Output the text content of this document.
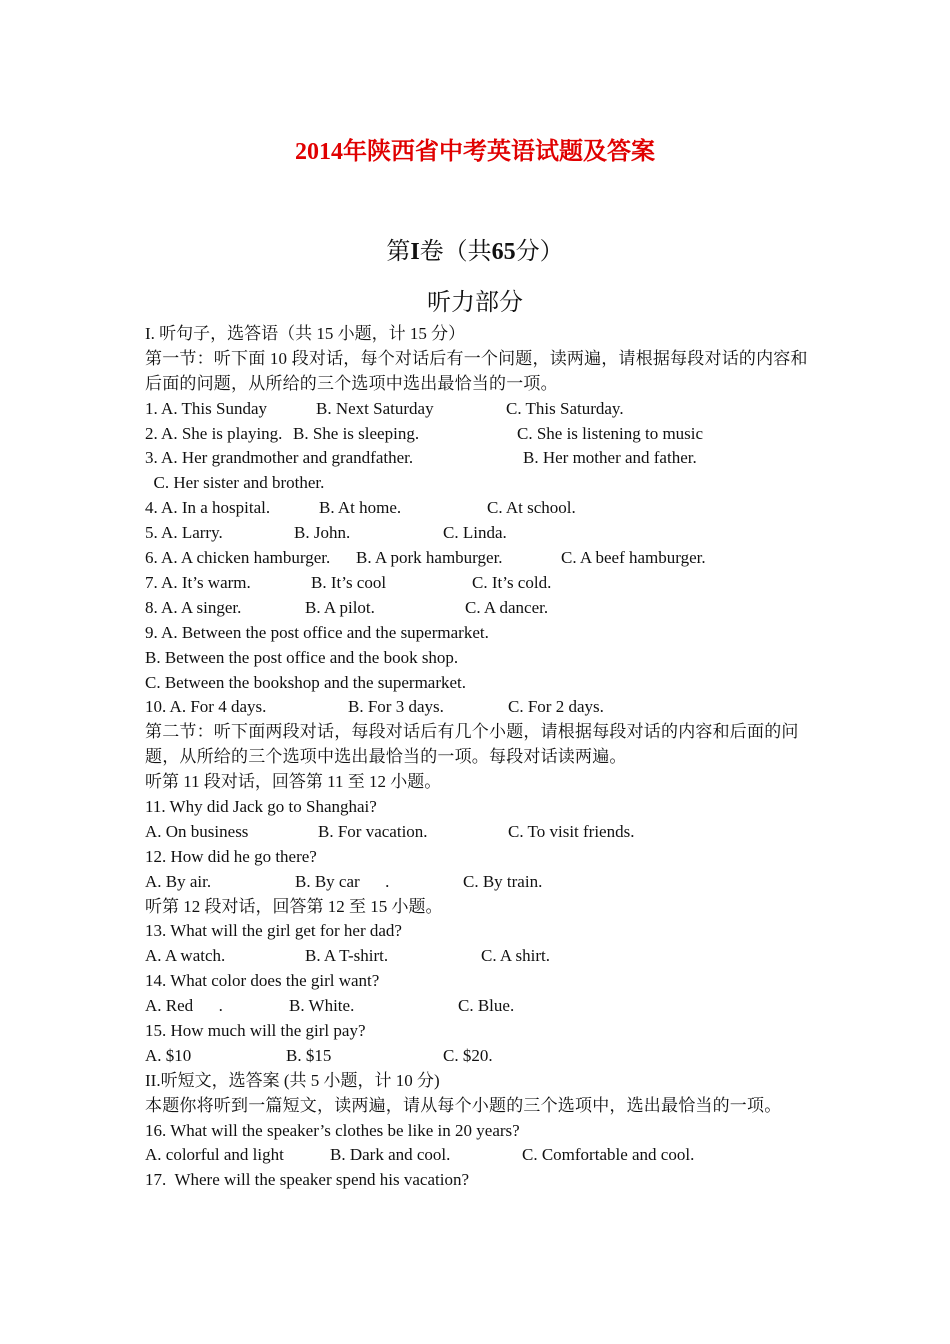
2014年陕西省中考英语试题及答案
第I卷（共65分）
听力部分
I. 听句子，选答语（共 15 小题，计 15 分）
第一节：听下面 10 段对话，每个对话后有一个问题，读两遍，请根据每段对话的内容和后面的问题，从所给的三个选项中选出最恰当的一项。
1. A. This Sunday	B. Next Saturday	C. This Saturday.
2. A. She is playing. B. She is sleeping.	C. She is listening to music
3. A. Her grandmother and grandfather.	B. Her mother and father.
C. Her sister and brother.
4. A. In a hospital.	B. At home.	C. At school.
5. A. Larry.	B. John.	C. Linda.
6. A. A chicken hamburger. B. A pork hamburger.	C. A beef hamburger.
7. A. It’s warm.	B. It’s cool	C. It’s cold.
8. A. A singer.	B. A pilot.	C. A dancer.
9. A. Between the post office and the supermarket.
B. Between the post office and the book shop.
C. Between the bookshop and the supermarket.
10. A. For 4 days.	B. For 3 days.	C. For 2 days.
第二节：听下面两段对话，每段对话后有几个小题，请根据每段对话的内容和后面的问题，从所给的三个选项中选出最恰当的一项。每段对话读两遍。
听第 11 段对话，回答第 11 至 12 小题。
11. Why did Jack go to Shanghai?
A. On business	B. For vacation.	C. To visit friends.
12. How did he go there?
A. By air.	B. By car      .	C. By train.
听第 12 段对话，回答第 12 至 15 小题。
13. What will the girl get for her dad?
A. A watch.	B. A T-shirt.	C. A shirt.
14. What color does the girl want?
A. Red      .	B. White.	C. Blue.
15. How much will the girl pay?
A. $10	B. $15	C. $20.
II.听短文，选答案 (共 5 小题，计 10 分)
本题你将听到一篇短文，读两遍，请从每个小题的三个选项中，选出最恰当的一项。
16. What will the speaker’s clothes be like in 20 years?
A. colorful and light	B. Dark and cool.	C. Comfortable and cool.
17.  Where will the speaker spend his vacation?
